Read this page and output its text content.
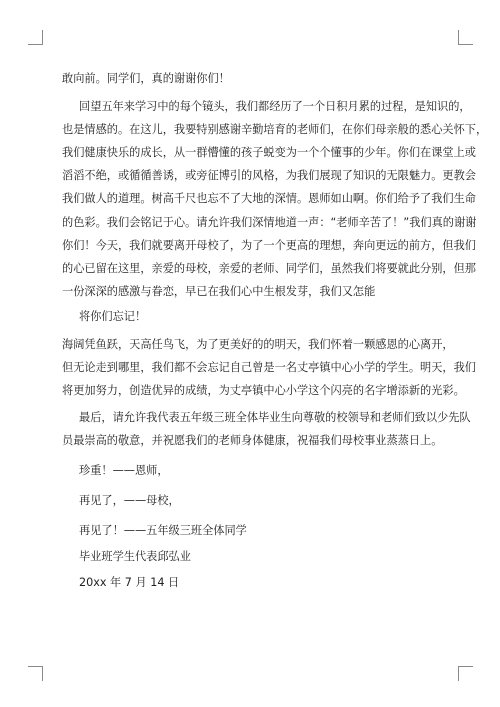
敢向前。同学们，真的谢谢你们！
回望五年来学习中的每个镜头，我们都经历了一个日积月累的过程，是知识的，
也是情感的。在这儿，我要特别感谢辛勤培育的老师们，在你们母亲般的悉心关怀下，
我们健康快乐的成长，从一群懵懂的孩子蜕变为一个个懂事的少年。你们在课堂上或
滔滔不绝，或循循善诱，或旁征博引的风格，为我们展现了知识的无限魅力。更教会
我们做人的道理。树高千尺也忘不了大地的深情。恩师如山啊。你们给予了我们生命
的色彩。我们会铭记于心。请允许我们深情地道一声：“老师辛苦了！”我们真的谢谢
你们！今天，我们就要离开母校了，为了一个更高的理想，奔向更远的前方，但我们
的心已留在这里，亲爱的母校，亲爱的老师、同学们，虽然我们将要就此分别，但那
一份深深的感激与眷恋，早已在我们心中生根发芽，我们又怎能
将你们忘记！
海阔凭鱼跃，天高任鸟飞，为了更美好的的明天，我们怀着一颗感恩的心离开，
但无论走到哪里，我们都不会忘记自己曾是一名丈亭镇中心小学的学生。明天，我们
将更加努力，创造优异的成绩，为丈亭镇中心小学这个闪亮的名字增添新的光彩。
最后，请允许我代表五年级三班全体毕业生向尊敬的校领导和老师们致以少先队
员最崇高的敬意，并祝愿我们的老师身体健康，祝福我们母校事业蒸蒸日上。
珍重！——恩师，
再见了，——母校，
再见了！——五年级三班全体同学
毕业班学生代表邱弘业
20xx 年 7 月 14 日
